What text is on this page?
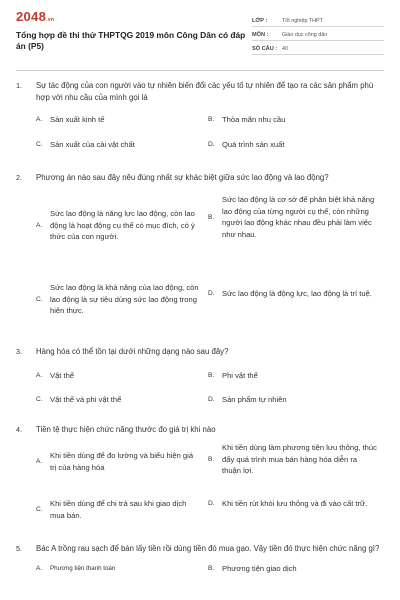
2048.vn
Tổng hợp đề thi thử THPTQG 2019 môn Công Dân có đáp án (P5)
LỚP :	Tốt nghiệp THPT
MÔN :	Giáo dục công dân
SỐ CÂU : 40
1.	Sự tác động của con người vào tự nhiên biến đổi các yếu tố tự nhiên để tạo ra các sản phẩm phù hợp với nhu cầu của mình gọi là
A.	Sản xuất kinh tế	B.	Thỏa mãn nhu cầu
C. Sản xuất của cải vật chất	D. Quá trình sản xuất
2.	Phương án nào sau đây nêu đúng nhất sự khác biệt giữa sức lao động và lao động?
A.
Sức lao động là năng lực lao động, còn lao động là hoạt động cụ thể có mục đích, có ý thức của con người.
B.
Sức lao động là cơ sở để phân biệt khả năng lao động của từng người cụ thể, còn những người lao động khác nhau đều phải làm việc như nhau.
C.
Sức lao động là khả năng của lao động, còn lao động là sự tiêu dùng sức lao động trong hiện thực.
D. Sức lao động là động lực, lao động là trí tuệ.
3.	Hàng hóa có thể tồn tại dưới những dạng nào sau đây?
A.	Vật thể	B.	Phi vật thể
C. Vật thể và phi vật thể	D. Sản phẩm tự nhiên
4.	Tiền tệ thực hiện chức năng thước đo giá trị khi nào
A.
Khi tiền dùng để đo lường và biểu hiện giá trị của hàng hóa
B.
Khi tiền dùng làm phương tiện lưu thông, thúc đẩy quá trình mua bán hàng hóa diễn ra thuận lợi.
C.
Khi tiền dùng để chi trả sau khi giao dịch mua bán.
D. Khi tiền rút khỏi lưu thông và đi vào cất trữ.
5.	Bác A trồng rau sạch để bán lấy tiền rồi dùng tiền đó mua gạo. Vậy tiền đó thực hiện chức năng gì?
A.	Phương tiện thanh toán	B.	Phương tiện giao dịch
